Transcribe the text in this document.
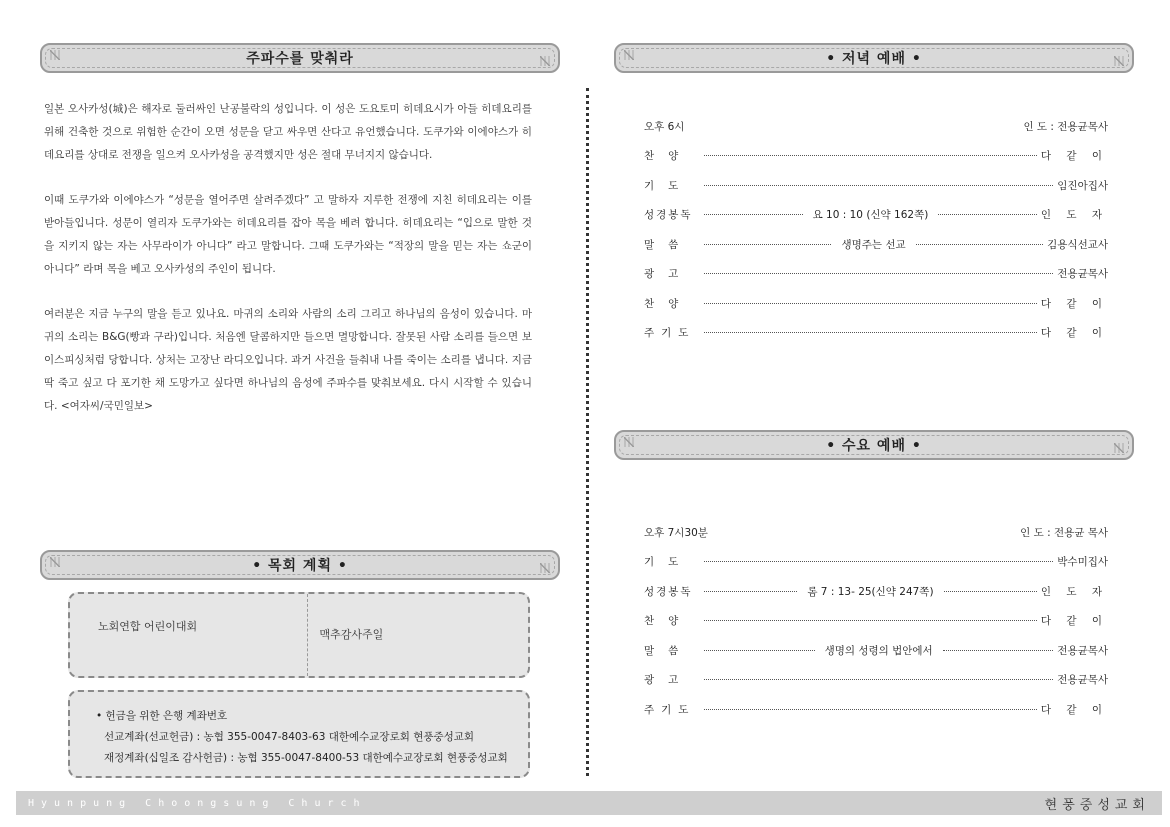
주파수를 맞춰라

일본 오사카성(城)은 해자로 둘러싸인 난공불락의 성입니다. 이 성은 도요토미 히데요시가 아들 히데요리를 위해 건축한 것으로 위험한 순간이 오면 성문을 닫고 싸우면 산다고 유언했습니다. 도쿠가와 이에야스가 히데요리를 상대로 전쟁을 일으켜 오사카성을 공격했지만 성은 절대 무너지지 않습니다.

이때 도쿠가와 이에야스가 “성문을 열어주면 살려주겠다” 고 말하자 지루한 전쟁에 지친 히데요리는 이를 받아들입니다. 성문이 열리자 도쿠가와는 히데요리를 잡아 목을 베려 합니다. 히데요리는 “입으로 말한 것을 지키지 않는 자는 사무라이가 아니다” 라고 말합니다. 그때 도쿠가와는 “적장의 말을 믿는 자는 쇼군이 아니다” 라며 목을 베고 오사카성의 주인이 됩니다.

여러분은 지금 누구의 말을 듣고 있나요. 마귀의 소리와 사람의 소리 그리고 하나님의 음성이 있습니다. 마귀의 소리는 B&G(빵과 구라)입니다. 처음엔 달콤하지만 들으면 멸망합니다. 잘못된 사람 소리를 들으면 보이스피싱처럼 당합니다. 상처는 고장난 라디오입니다. 과거 사건을 들춰내 나를 죽이는 소리를 냅니다. 지금 딱 죽고 싶고 다 포기한 채 도망가고 싶다면 하나님의 음성에 주파수를 맞춰보세요. 다시 시작할 수 있습니다. <여자씨/국민일보>

• 목회 계획 •
노회연합 어린이대회
맥추감사주일
• 헌금을 위한 은행 계좌번호
선교계좌(선교헌금) : 농협 355-0047-8403-63 대한예수교장로회 현풍중성교회
재정계좌(십일조 감사헌금) : 농협 355-0047-8400-53 대한예수교장로회 현풍중성교회
• 저녁 예배 •
오후 6시	인 도 : 전용균목사
찬양	다 같 이
기도	임진아집사
성경봉독	요 10 : 10 (신약 162쪽)	인 도 자
말씀	생명주는 선교	김용식선교사
광고	전용균목사
찬양	다 같 이
주기도	다 같 이
• 수요 예배 •
오후 7시30분	인 도 : 전용균 목사
기도	박수미집사
성경봉독	롬 7 : 13- 25(신약 247쪽)	인 도 자
찬양	다 같 이
말씀	생명의 성령의 법안에서	전용균목사
광고	전용균목사
주기도	다 같 이
Hyunpung Choongsung Church	현풍중성교회
